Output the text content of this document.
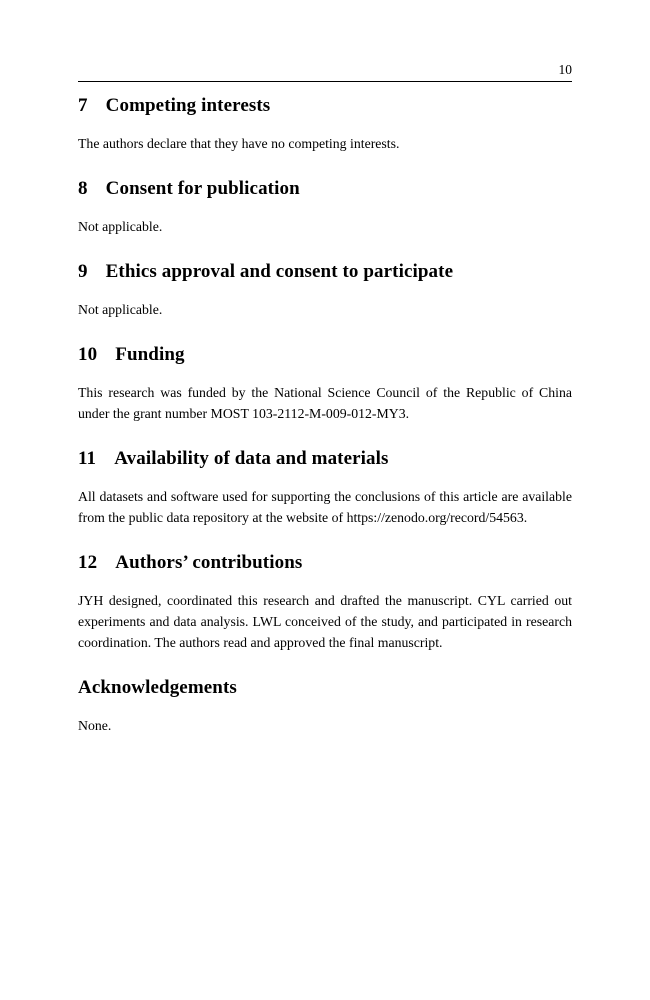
10
7 Competing interests

The authors declare that they have no competing interests.

8 Consent for publication

Not applicable.

9 Ethics approval and consent to participate

Not applicable.

10 Funding

This research was funded by the National Science Council of the Republic of China under the grant number MOST 103-2112-M-009-012-MY3.

11 Availability of data and materials

All datasets and software used for supporting the conclusions of this article are available from the public data repository at the website of https://zenodo.org/record/54563.

12 Authors’ contributions

JYH designed, coordinated this research and drafted the manuscript. CYL carried out experiments and data analysis. LWL conceived of the study, and participated in research coordination. The authors read and approved the final manuscript.

Acknowledgements

None.
